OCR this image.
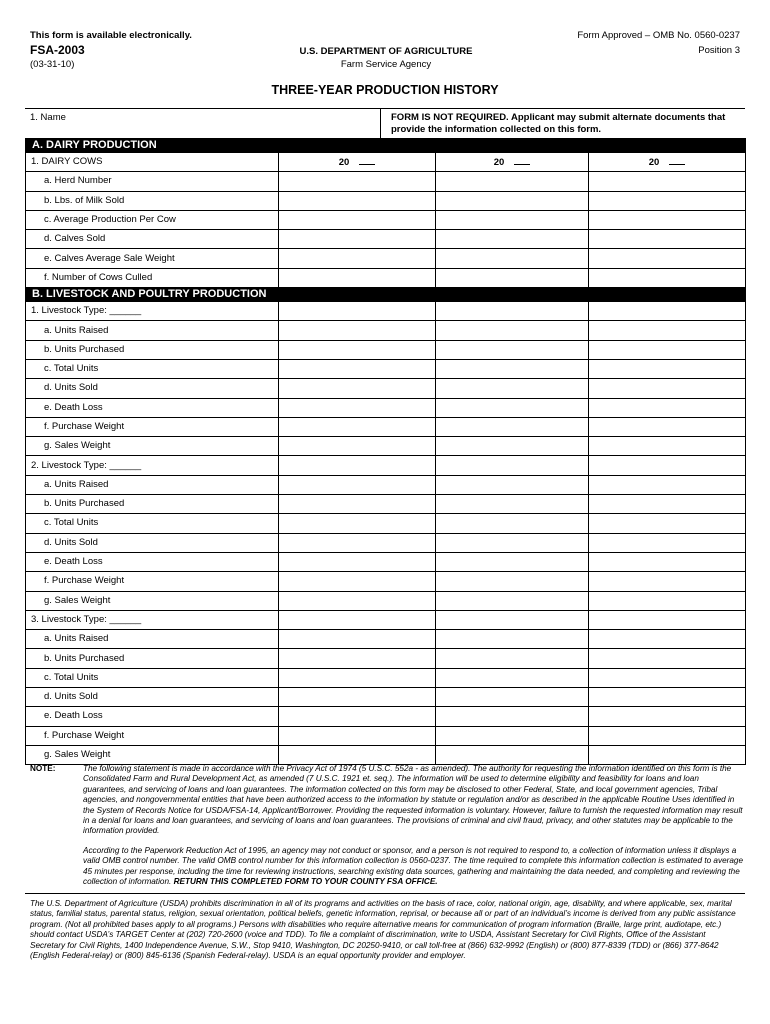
This form is available electronically.	Form Approved – OMB No. 0560-0237
FSA-2003
(03-31-10)
U.S. DEPARTMENT OF AGRICULTURE
Farm Service Agency
Position 3
THREE-YEAR PRODUCTION HISTORY
1. Name	FORM IS NOT REQUIRED. Applicant may submit alternate documents that provide the information collected on this form.
A. DAIRY PRODUCTION			
1. DAIRY COWS	20	20	20
a. Herd Number			
b. Lbs. of Milk Sold			
c. Average Production Per Cow			
d. Calves Sold			
e. Calves Average Sale Weight			
f. Number of Cows Culled			
B. LIVESTOCK AND POULTRY PRODUCTION			
1. Livestock Type: ______			
a. Units Raised			
b. Units Purchased			
c. Total Units			
d. Units Sold			
e. Death Loss			
f. Purchase Weight			
g. Sales Weight			
2. Livestock Type: ______			
a. Units Raised			
b. Units Purchased			
c. Total Units			
d. Units Sold			
e. Death Loss			
f. Purchase Weight			
g. Sales Weight			
3. Livestock Type: ______			
a. Units Raised			
b. Units Purchased			
c. Total Units			
d. Units Sold			
e. Death Loss			
f. Purchase Weight			
g. Sales Weight			
NOTE:	The following statement is made in accordance with the Privacy Act of 1974 (5 U.S.C. 552a - as amended). The authority for requesting the information identified on this form is the Consolidated Farm and Rural Development Act, as amended (7 U.S.C. 1921 et. seq.). The information will be used to determine eligibility and feasibility for loans and loan guarantees, and servicing of loans and loan guarantees. The information collected on this form may be disclosed to other Federal, State, and local government agencies, Tribal agencies, and nongovernmental entities that have been authorized access to the information by statute or regulation and/or as described in the applicable Routine Uses identified in the System of Records Notice for USDA/FSA-14, Applicant/Borrower. Providing the requested information is voluntary. However, failure to furnish the requested information may result in a denial for loans and loan guarantees, and servicing of loans and loan guarantees. The provisions of criminal and civil fraud, privacy, and other statutes may be applicable to the information provided.

According to the Paperwork Reduction Act of 1995, an agency may not conduct or sponsor, and a person is not required to respond to, a collection of information unless it displays a valid OMB control number. The valid OMB control number for this information collection is 0560-0237. The time required to complete this information collection is estimated to average 45 minutes per response, including the time for reviewing instructions, searching existing data sources, gathering and maintaining the data needed, and completing and reviewing the collection of information. RETURN THIS COMPLETED FORM TO YOUR COUNTY FSA OFFICE.

The U.S. Department of Agriculture (USDA) prohibits discrimination in all of its programs and activities on the basis of race, color, national origin, age, disability, and where applicable, sex, marital status, familial status, parental status, religion, sexual orientation, political beliefs, genetic information, reprisal, or because all or part of an individual’s income is derived from any public assistance program. (Not all prohibited bases apply to all programs.) Persons with disabilities who require alternative means for communication of program information (Braille, large print, audiotape, etc.) should contact USDA’s TARGET Center at (202) 720-2600 (voice and TDD). To file a complaint of discrimination, write to USDA, Assistant Secretary for Civil Rights, Office of the Assistant Secretary for Civil Rights, 1400 Independence Avenue, S.W., Stop 9410, Washington, DC 20250-9410, or call toll-free at (866) 632-9992 (English) or (800) 877-8339 (TDD) or (866) 377-8642 (English Federal-relay) or (800) 845-6136 (Spanish Federal-relay). USDA is an equal opportunity provider and employer.
